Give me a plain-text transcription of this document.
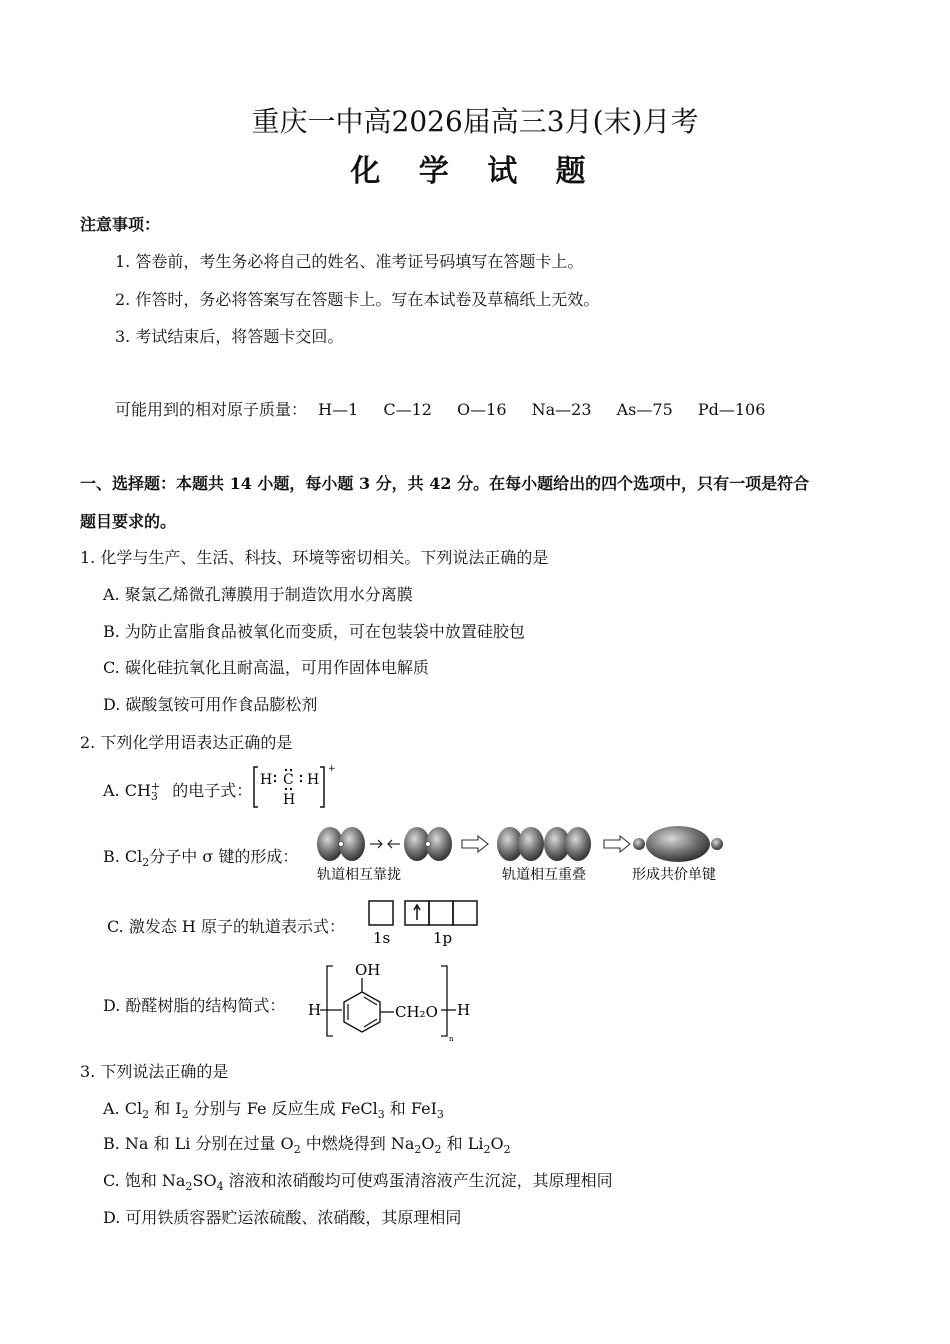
重庆一中高2026届高三3月(末)月考
化 学 试 题
注意事项：
1. 答卷前，考生务必将自己的姓名、准考证号码填写在答题卡上。
2. 作答时，务必将答案写在答题卡上。写在本试卷及草稿纸上无效。
3. 考试结束后，将答题卡交回。
可能用到的相对原子质量： H—1 C—12 O—16 Na—23 As—75 Pd—106
一、选择题：本题共 14 小题，每小题 3 分，共 42 分。在每小题给出的四个选项中，只有一项是符合
题目要求的。
1. 化学与生产、生活、科技、环境等密切相关。下列说法正确的是
A. 聚氯乙烯微孔薄膜用于制造饮用水分离膜
B. 为防止富脂食品被氧化而变质，可在包装袋中放置硅胶包
C. 碳化硅抗氧化且耐高温，可用作固体电解质
D. 碳酸氢铵可用作食品膨松剂
2. 下列化学用语表达正确的是
A. $CH_3^+$ 的电子式：
+
H C H
H
B. $Cl_2$分子中 σ 键的形成：
轨道相互靠拢	轨道相互重叠	形成共价单键
C. 激发态 H 原子的轨道表示式：
1s	1p
D. 酚醛树脂的结构简式： H
OH
CH₂O H
n
3. 下列说法正确的是
A. $Cl_2$ 和 $I_2$ 分别与 Fe 反应生成 FeCl$_3$ 和 FeI$_3$
B. Na 和 Li 分别在过量 $O_2$ 中燃烧得到 $Na_2O_2$ 和 $Li_2O_2$
C. 饱和 $Na_2SO_4$ 溶液和浓硝酸均可使鸡蛋清溶液产生沉淀，其原理相同
D. 可用铁质容器贮运浓硫酸、浓硝酸，其原理相同
